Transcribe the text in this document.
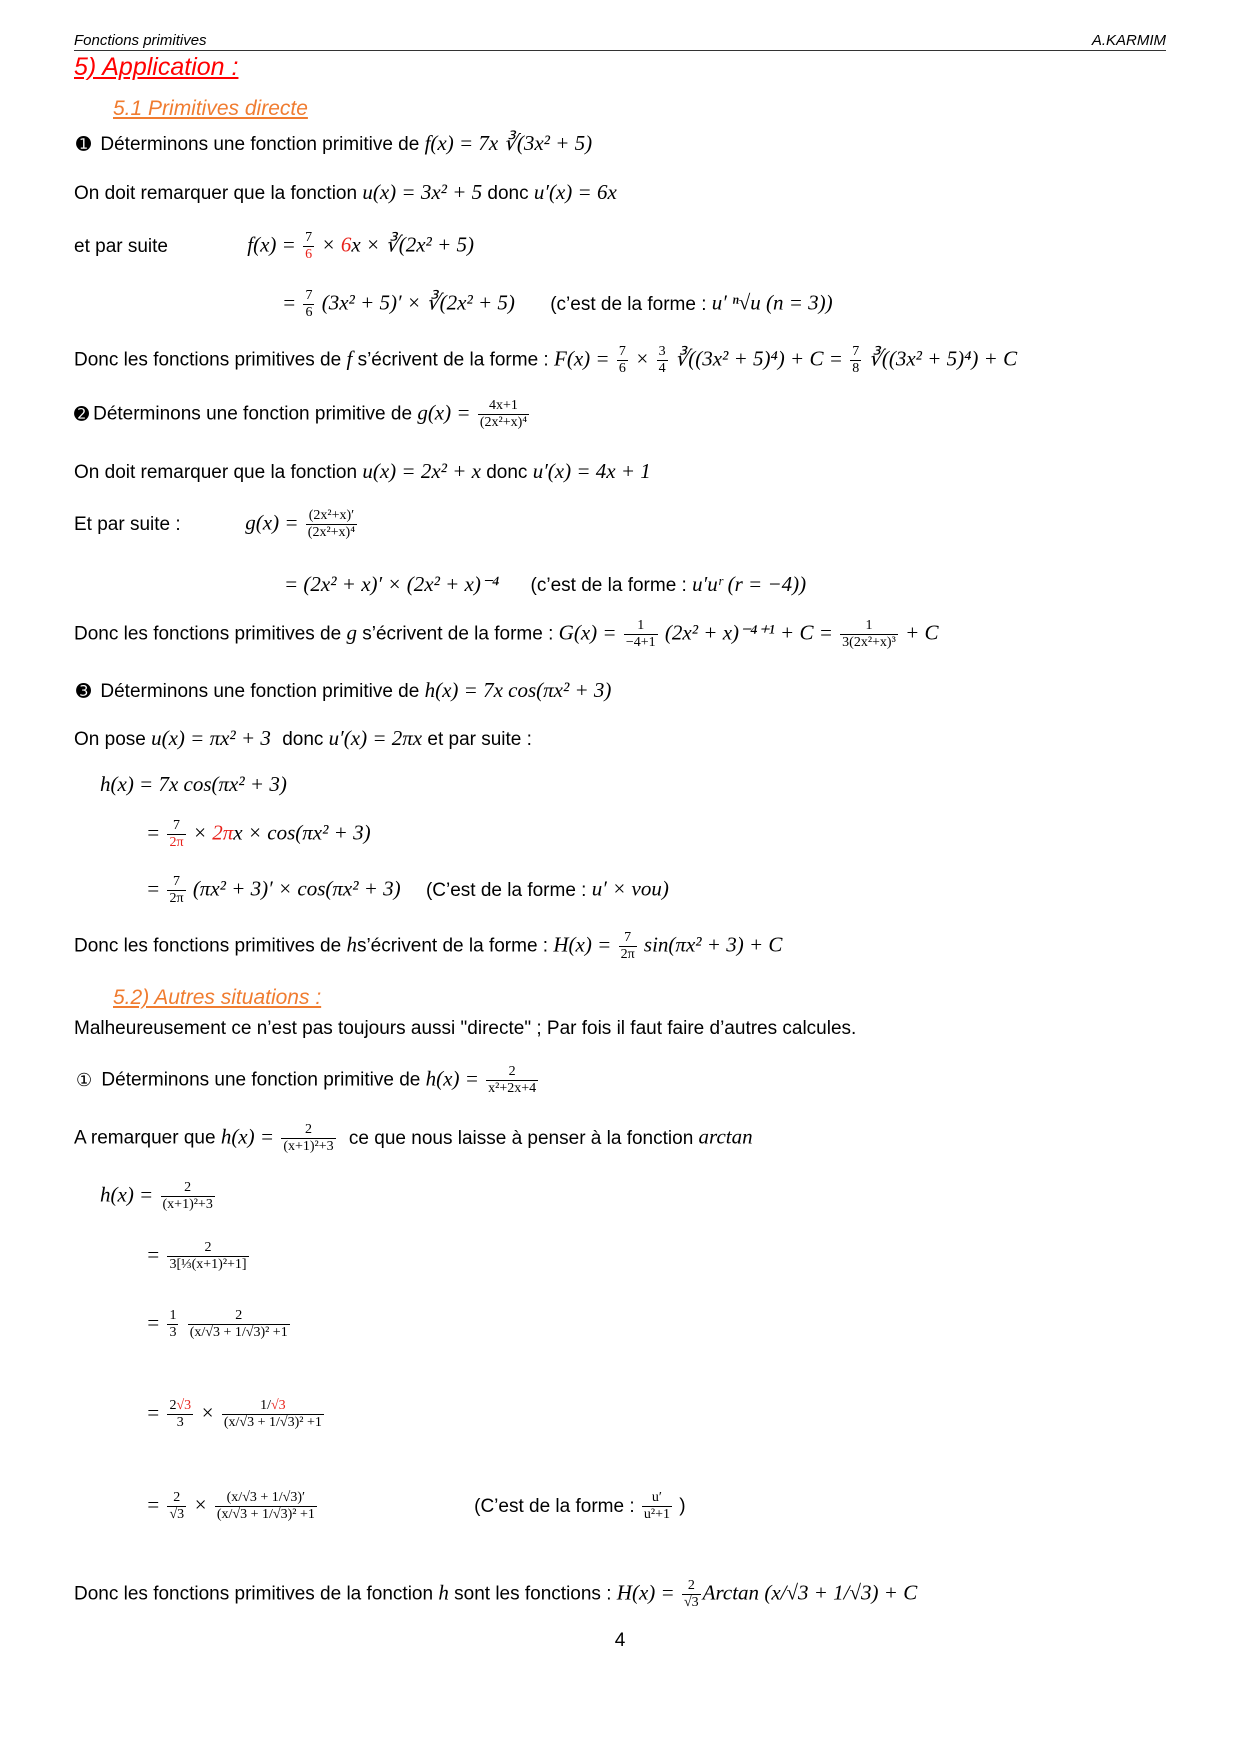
Fonctions primitives	A.KARMIM
5) Application :
5.1 Primitives directe
➊ Déterminons une fonction primitive de f(x) = 7x ∛(3x² + 5)
On doit remarquer que la fonction u(x) = 3x² + 5 donc u′(x) = 6x
et par suite	$f(x) = \frac{7}{6} \times 6x$ × ∛(2x² + 5)
= $\frac{7}{6} (3x^2 + 5)'$ × ∛(2x² + 5) (c’est de la forme : u′ ⁿ√u (n = 3))
Donc les fonctions primitives de f s’écrivent de la forme : $F(x) = \frac{7}{6} \times \frac{3}{4}$ ∛((3x² + $5)^4) + C = \frac{7}{8}$ ∛((3x² + 5)⁴) + C
➋ Déterminons une fonction primitive de $g(x) = \frac{4x+1}{\text{(2x²+x)⁴}}$
On doit remarquer que la fonction u(x) = 2x² + x donc u′(x) = 4x + 1
Et par suite :	$g(x) = \frac{\text{(2x²+x)′}}{\text{(2x²+x)⁴}}$
= (2x² + x)′ × (2x² + x)⁻⁴ (c’est de la forme : u′uʳ (r = −4))
Donc les fonctions primitives de g s’écrivent de la forme : $G(x) = \frac{1}{-4+1} (2x^2 + x)^{-4+1} + C = \frac{1}{\text{3(2x²+x)³}} + C$
➌ Déterminons une fonction primitive de h(x) = 7x cos(πx² + 3)
On pose u(x) = πx² + 3 donc u′(x) = 2πx et par suite :
h(x) = 7x cos(πx² + 3)
= $\frac{7}{2\pi} \times 2\pi x \times \cos(\pi x^2 + 3)$
= $\frac{7}{2\pi} (\pi x^2 + 3)' \times \cos(\pi x^2 + 3)$ (C’est de la forme : u′ × vou)
Donc les fonctions primitives de hs’écrivent de la forme : $H(x) = \frac{7}{2\pi} \sin(\pi x^2 + 3) + C$
5.2) Autres situations :
Malheureusement ce n’est pas toujours aussi "directe" ; Par fois il faut faire d’autres calcules.
① Déterminons une fonction primitive de $h(x) = \frac{2}{\text{x²+2x+4}}$
A remarquer que $h(x) = \frac{2}{\text{(x+1)²+3}}$ ce que nous laisse à penser à la fonction arctan
$h(x) = \frac{2}{\text{(x+1)²+3}}$
= $\frac{2}{\text{3[⅓(x+1)²+1]}}$
= $\frac{1}{3}$
$\frac{2}{\text{(x/√3 + 1/√3)² +1}}$
= $\frac{2√3}{3} \times \frac{1/√3}{\text{(x/√3 + 1/√3)² +1}}$
= $\frac{2}{√3} \times \frac{(x/√3 + 1/√3)'}{\text{(x/√3 + 1/√3)² +1}}$	(C’est de la forme : $\frac{u'}{\text{u²+1}}$ )
Donc les fonctions primitives de la fonction h sont les fonctions : $H(x) = \frac{2}{√3}$ Arctan (x/√3 + 1/√3) + C
4
